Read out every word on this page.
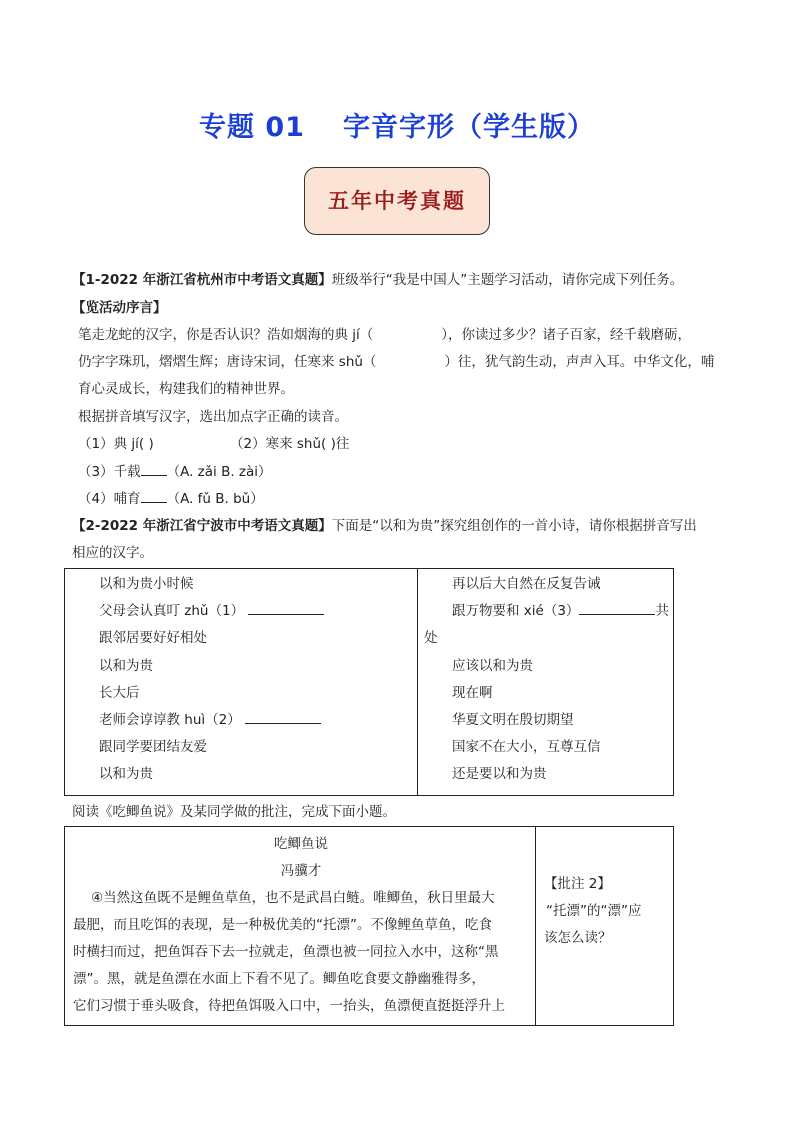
专题 01 字音字形（学生版）
五年中考真题
【1-2022 年浙江省杭州市中考语文真题】班级举行“我是中国人”主题学习活动，请你完成下列任务。
【览活动序言】
笔走龙蛇的汉字，你是否认识？浩如烟海的典 jí（	），你读过多少？诸子百家，经千载磨砺，
仍字字珠玑，熠熠生辉；唐诗宋词，任寒来 shǔ（	）往，犹气韵生动，声声入耳。中华文化，哺
育心灵成长，构建我们的精神世界。
根据拼音填写汉字，选出加点字正确的读音。
（1）典 jí( )	（2）寒来 shǔ( )往
（3）千载 （A. zǎi B. zài）
（4）哺育 （A. fǔ B. bǔ）
【2-2022 年浙江省宁波市中考语文真题】下面是“以和为贵”探究组创作的一首小诗，请你根据拼音写出
相应的汉字。
以和为贵小时候
父母会认真叮 zhǔ（1）
跟邻居要好好相处
以和为贵
长大后
老师会谆谆教 huì（2）
跟同学要团结友爱
以和为贵

再以后大自然在反复告诫
跟万物要和 xié（3）	共
处
应该以和为贵
现在啊
华夏文明在殷切期望
国家不在大小，互尊互信
还是要以和为贵
阅读《吃鲫鱼说》及某同学做的批注，完成下面小题。
吃鲫鱼说
冯骥才
④当然这鱼既不是鲤鱼草鱼，也不是武昌白鲢。唯鲫鱼，秋日里最大
最肥，而且吃饵的表现，是一种极优美的“托漂”。不像鲤鱼草鱼，吃食
时横扫而过，把鱼饵吞下去一拉就走，鱼漂也被一同拉入水中，这称“黑
漂”。黑，就是鱼漂在水面上下看不见了。鲫鱼吃食要文静幽雅得多，
它们习惯于垂头吸食，待把鱼饵吸入口中，一抬头，鱼漂便直挺挺浮升上

【批注 2】
“托漂”的“漂”应
该怎么读？
